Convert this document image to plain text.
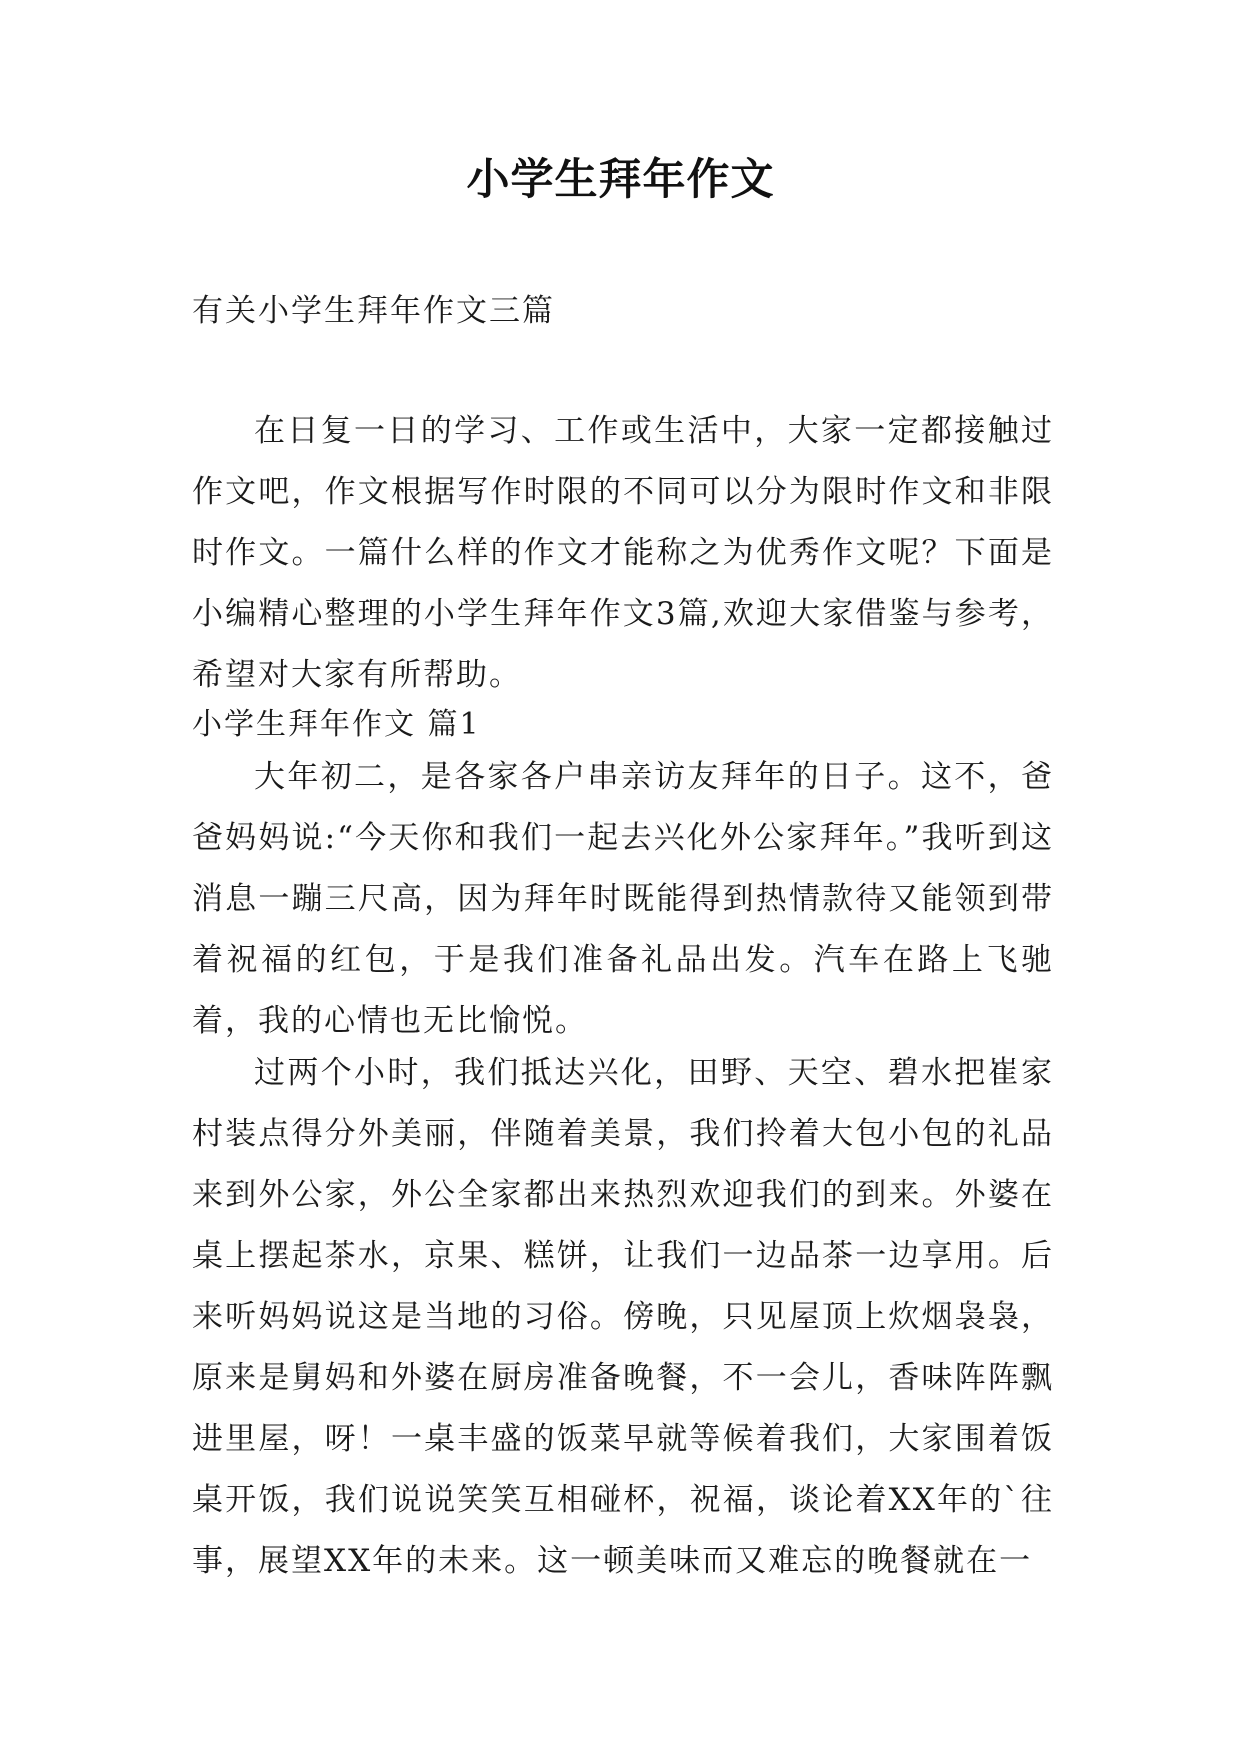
小学生拜年作文
有关小学生拜年作文三篇

在日复一日的学习、工作或生活中，大家一定都接触过作文吧，作文根据写作时限的不同可以分为限时作文和非限时作文。一篇什么样的作文才能称之为优秀作文呢？下面是小编精心整理的小学生拜年作文3篇,欢迎大家借鉴与参考，希望对大家有所帮助。

小学生拜年作文 篇1

大年初二，是各家各户串亲访友拜年的日子。这不，爸爸妈妈说:“今天你和我们一起去兴化外公家拜年。”我听到这消息一蹦三尺高，因为拜年时既能得到热情款待又能领到带着祝福的红包，于是我们准备礼品出发。汽车在路上飞驰着，我的心情也无比愉悦。

过两个小时，我们抵达兴化，田野、天空、碧水把崔家村装点得分外美丽，伴随着美景，我们拎着大包小包的礼品来到外公家，外公全家都出来热烈欢迎我们的到来。外婆在桌上摆起茶水，京果、糕饼，让我们一边品茶一边享用。后来听妈妈说这是当地的习俗。傍晚，只见屋顶上炊烟袅袅，原来是舅妈和外婆在厨房准备晚餐，不一会儿，香味阵阵飘进里屋，呀！一桌丰盛的饭菜早就等候着我们，大家围着饭桌开饭，我们说说笑笑互相碰杯，祝福，谈论着XX年的`往事，展望XX年的未来。这一顿美味而又难忘的晚餐就在一
